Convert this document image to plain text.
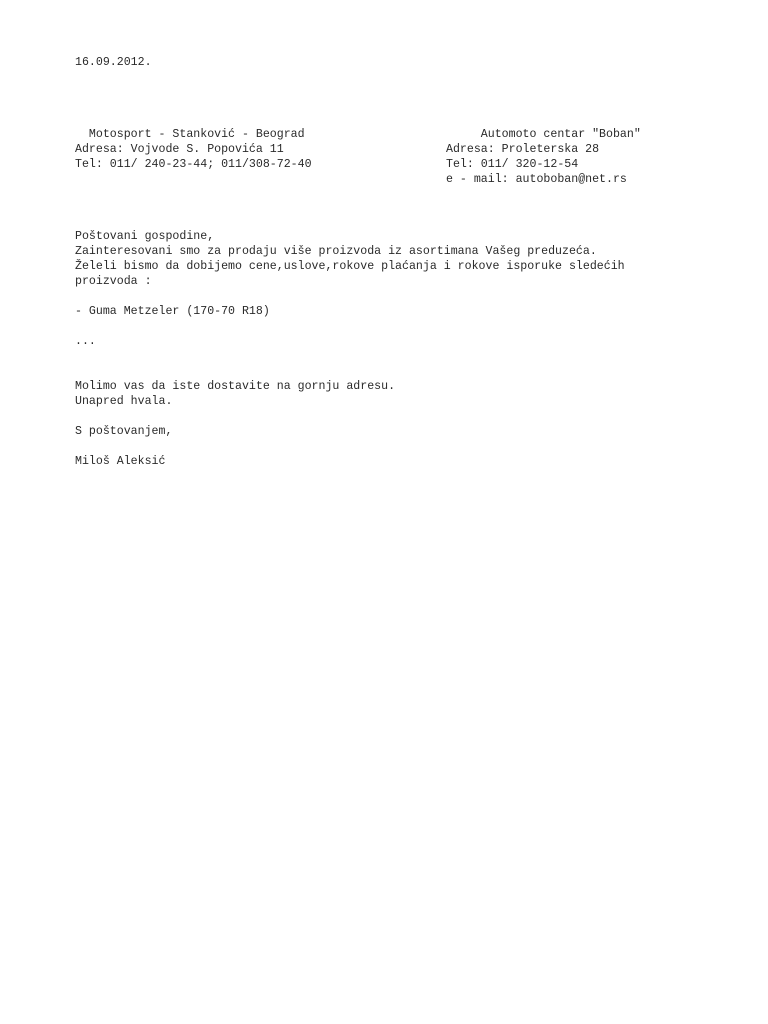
16.09.2012.
Motosport - Stanković - Beograd
Adresa: Vojvode S. Popovića 11
Tel: 011/ 240-23-44; 011/308-72-40
Automoto centar "Boban"
Adresa: Proleterska 28
Tel: 011/ 320-12-54
e - mail: autoboban@net.rs
Poštovani gospodine,
Zainteresovani smo za prodaju više proizvoda iz asortimana Vašeg preduzeća.
Želeli bismo da dobijemo cene,uslove,rokove plaćanja i rokove isporuke sledećih
proizvoda :
- Guma Metzeler (170-70 R18)
...
Molimo vas da iste dostavite na gornju adresu.
Unapred hvala.
S poštovanjem,
Miloš Aleksić
